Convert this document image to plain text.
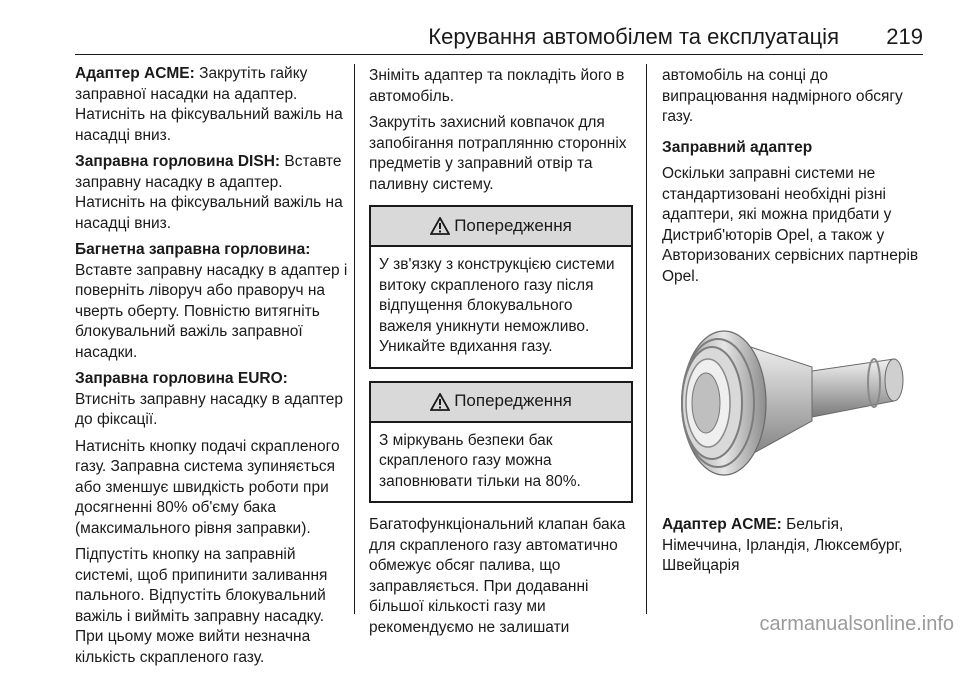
Керування автомобілем та експлуатація 219

Адаптер ACME: Закрутіть гайку заправної насадки на адаптер. Натисніть на фіксувальний важіль на насадці вниз.

Заправна горловина DISH: Вставте заправну насадку в адаптер. Натисніть на фіксувальний важіль на насадці вниз.

Багнетна заправна горловина: Вставте заправну насадку в адаптер і поверніть ліворуч або праворуч на чверть оберту. Повністю витягніть блокувальний важіль заправної насадки.

Заправна горловина EURO: Втисніть заправну насадку в адаптер до фіксації.

Натисніть кнопку подачі скрапленого газу. Заправна система зупиняється або зменшує швидкість роботи при досягненні 80% об'єму бака (максимального рівня заправки).

Підпустіть кнопку на заправній системі, щоб припинити заливання пального. Відпустіть блокувальний важіль і вийміть заправну насадку. При цьому може вийти незначна кількість скрапленого газу.

Зніміть адаптер та покладіть його в автомобіль.

Закрутіть захисний ковпачок для запобігання потраплянню сторонніх предметів у заправний отвір та паливну систему.

Попередження
У зв'язку з конструкцією системи витоку скрапленого газу після відпущення блокувального важеля уникнути неможливо. Уникайте вдихання газу.
Попередження
З міркувань безпеки бак скрапленого газу можна заповнювати тільки на 80%.

Багатофункціональний клапан бака для скрапленого газу автоматично обмежує обсяг палива, що заправляється. При додаванні більшої кількості газу ми рекомендуємо не залишати

автомобіль на сонці до випрацювання надмірного обсягу газу.

Заправний адаптер

Оскільки заправні системи не стандартизовані необхідні різні адаптери, які можна придбати у Дистриб'юторів Opel, а також у Авторизованих сервісних партнерів Opel.

Адаптер ACME: Бельгія, Німеччина, Ірландія, Люксембург, Швейцарія

carmanualsonline.info
